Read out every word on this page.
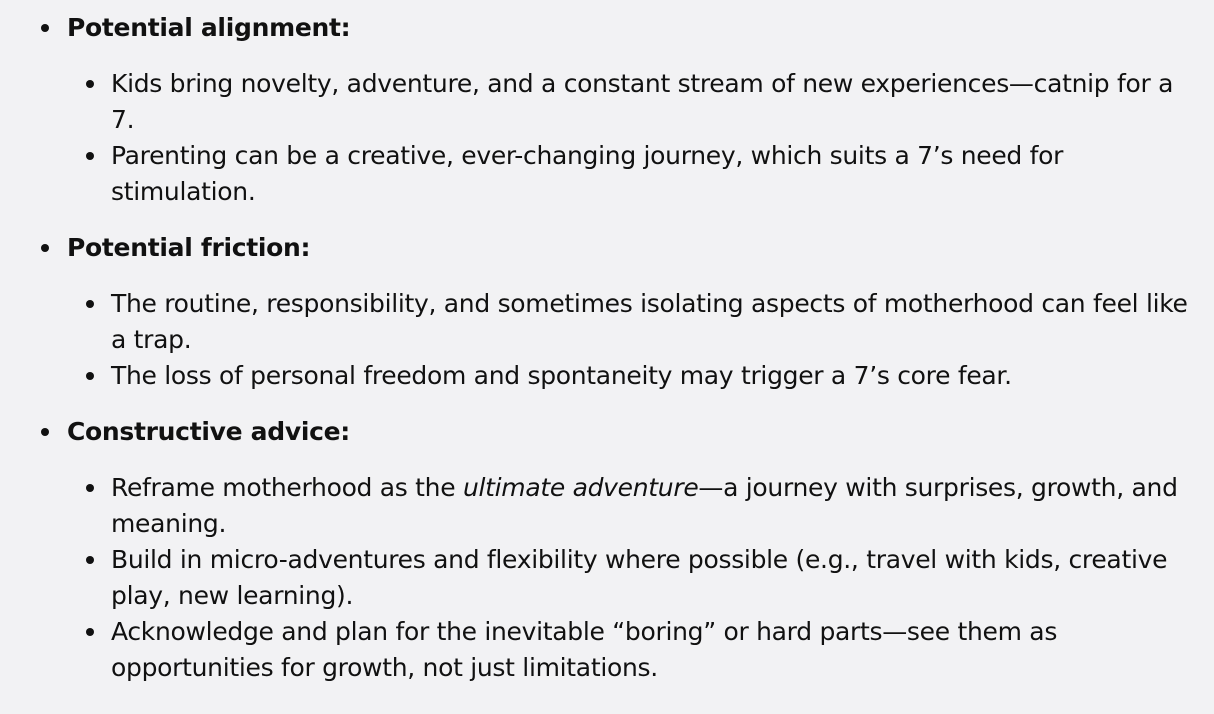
Potential alignment:
Kids bring novelty, adventure, and a constant stream of new experiences—catnip for a 7.
Parenting can be a creative, ever-changing journey, which suits a 7’s need for stimulation.
Potential friction:
The routine, responsibility, and sometimes isolating aspects of motherhood can feel like a trap.
The loss of personal freedom and spontaneity may trigger a 7’s core fear.
Constructive advice:
Reframe motherhood as the ultimate adventure—a journey with surprises, growth, and meaning.
Build in micro-adventures and flexibility where possible (e.g., travel with kids, creative play, new learning).
Acknowledge and plan for the inevitable “boring” or hard parts—see them as opportunities for growth, not just limitations.
